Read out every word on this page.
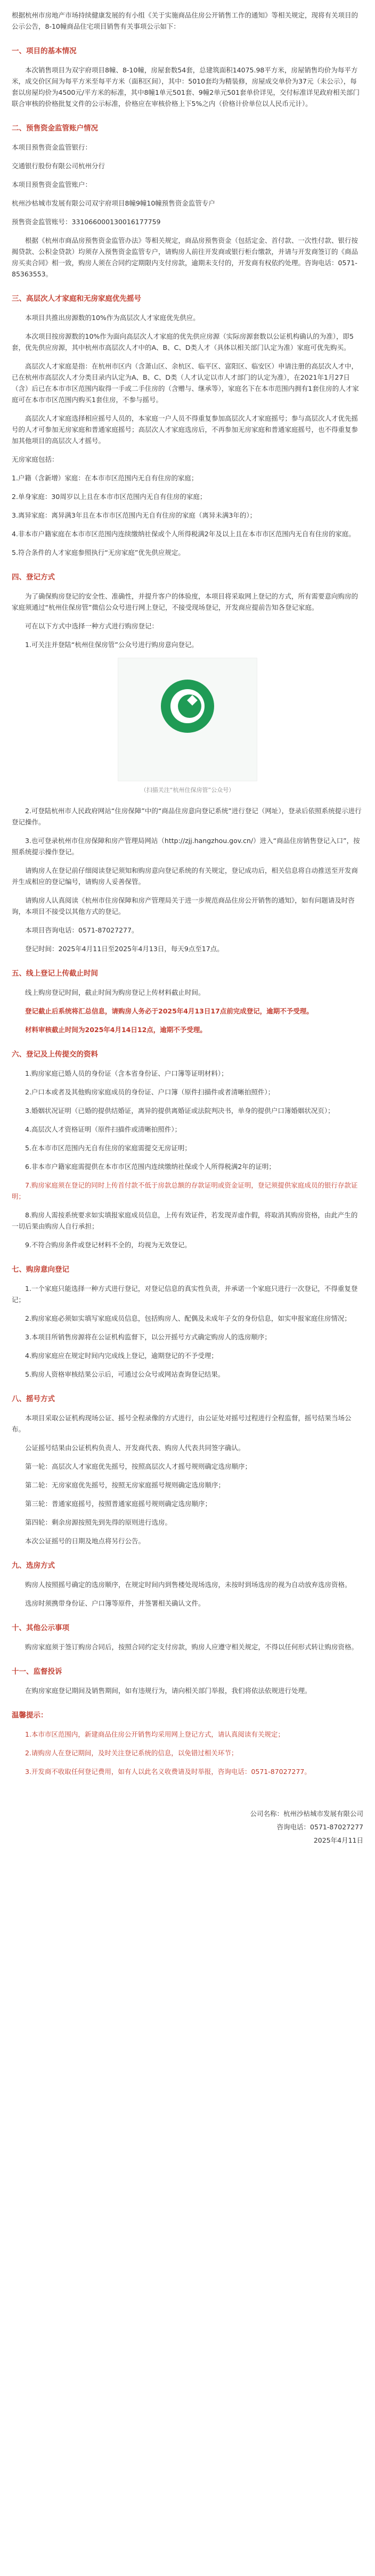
根据杭州市房地产市场持续健康发展的有小组《关于实施商品住房公开销售工作的通知》等相关规定，现将有关项目的公示公告，8-10幢商品住宅项目销售有关事项公示如下：

一、项目的基本情况

本次销售项目为双宇府项目8幢、8-10幢，房屋套数54套，总建筑面积14075.98平方米，房屋销售均价为每平方米，成交价区间为每平方米至每平方米（面积区间），其中：5010套均为精装修，房屋成交单价为37元（未公示），每套以房屋均价为4500元/平方米的标准，其中8幢1单元501套、9幢2单元501套单价详见，交付标准详见政府相关部门联合审核的价格批复文件的公示标准，价格应在审核价格上下5%之内（价格计价单位以人民币元计）。

二、预售资金监管账户情况

本项目预售资金监管银行：

交通银行股份有限公司杭州分行

本项目预售资金监管账户：

杭州沙枯城市发展有限公司双宇府项目8幢9幢10幢预售资金监管专户

预售资金监管账号：331066000130016177759

根据《杭州市商品房预售资金监管办法》等相关规定，商品房预售资金（包括定金、首付款、一次性付款、银行按揭贷款、公积金贷款）均须存入预售资金监管专户，请购房人前往开发商或银行柜台缴款，并请与开发商签订的《商品房买卖合同》相一致，购房人须在合同约定期限内支付房款，逾期未支付的，开发商有权依约处理。咨询电话：0571-85363553。

三、高层次人才家庭和无房家庭优先摇号

本项目共推出房源数的10%作为高层次人才家庭优先供应。

本次项目按房源数的10%作为面向高层次人才家庭的优先供应房源（实际房源套数以公证机构确认的为准），即5套，优先供应房源，其中杭州市高层次人才中的A、B、C、D类人才（具体以相关部门认定为准）家庭可优先购买。

高层次人才家庭是指：在杭州市区内（含萧山区、余杭区、临平区、富阳区、临安区）申请注册的高层次人才中，已在杭州市高层次人才分类目录内认定为A、B、C、D类（人才认定以市人才部门的认定为准），在2021年1月27日（含）后已在本市市区范围内取得一手或二手住房的（含赠与、继承等），家庭名下在本市范围内拥有1套住房的人才家庭可在本市市区范围内购买1套住房，不参与摇号。

高层次人才家庭选择相应摇号人员的，本家庭一户人员不得重复参加高层次人才家庭摇号；参与高层次人才优先摇号的人才可参加无房家庭和普通家庭摇号；高层次人才家庭选房后，不再参加无房家庭和普通家庭摇号，也不得重复参加其他项目的高层次人才摇号。

无房家庭包括：

1.户籍（含新增）家庭：在本市市区范围内无自有住房的家庭；

2.单身家庭：30周岁以上且在本市市区范围内无自有住房的家庭；

3.离异家庭：离异满3年且在本市市区范围内无自有住房的家庭（离异未满3年的）；

4.非本市户籍家庭在本市市区范围内连续缴纳社保或个人所得税满2年及以上且在本市市区范围内无自有住房的家庭。

5.符合条件的人才家庭参照执行“无房家庭”优先供应规定。

四、登记方式

为了确保购房登记的安全性、准确性，并提升客户的体验度，本项目将采取网上登记的方式，所有需要意向购房的家庭须通过“杭州住保房管”微信公众号进行网上登记，不接受现场登记，开发商应提前告知各登记家庭。

可在以下方式中选择一种方式进行购房登记：

1.可关注并登陆“杭州住保房管”公众号进行购房意向登记。

（扫描关注“杭州住保房管”公众号）

2.可登陆杭州市人民政府网站“住房保障”中的“商品住房意向登记系统”进行登记（网址），登录后依照系统提示进行登记操作。

3.也可登录杭州市住房保障和房产管理局网站（http://zjj.hangzhou.gov.cn/）进入“商品住房销售登记入口”，按照系统提示操作登记。

请购房人在登记前仔细阅读登记须知和购房意向登记系统的有关规定，登记成功后，相关信息将自动推送至开发商并生成相应的登记编号，请购房人妥善保管。

请购房人认真阅读《杭州市住房保障和房产管理局关于进一步规范商品住房公开销售的通知》，如有问题请及时咨询，本项目不接受以其他方式的登记。

本项目咨询电话：0571-87027277。

登记时间：2025年4月11日至2025年4月13日，每天9点至17点。

五、线上登记上传截止时间

线上购房登记时间，截止时间为购房登记上传材料截止时间。

登记截止后系统将汇总信息，请购房人务必于2025年4月13日17点前完成登记，逾期不予受理。

材料审核截止时间为2025年4月14日12点，逾期不予受理。

六、登记及上传提交的资料

1.购房家庭已婚人员的身份证（含本省身份证、户口簿等证明材料）；

2.户口本或者及其他购房家庭成员的身份证、户口簿（原件扫描件或者清晰拍照件）；

3.婚姻状况证明（已婚的提供结婚证，离异的提供离婚证或法院判决书，单身的提供户口簿婚姻状况页）；

4.高层次人才资格证明（原件扫描件或清晰拍照件）；

5.在本市市区范围内无自有住房的家庭需提交无房证明；

6.非本市户籍家庭需提供在本市市区范围内连续缴纳社保或个人所得税满2年的证明；

7.购房家庭须在登记的同时上传首付款不低于房款总额的存款证明或资金证明，登记须提供家庭成员的银行存款证明；

8.购房人需按系统要求如实填报家庭成员信息，上传有效证件，若发现弄虚作假，将取消其购房资格，由此产生的一切后果由购房人自行承担；

9.不符合购房条件或登记材料不全的，均视为无效登记。

七、购房意向登记

1.一个家庭只能选择一种方式进行登记，对登记信息的真实性负责，并承诺一个家庭只进行一次登记，不得重复登记；

2.购房家庭必须如实填写家庭成员信息，包括购房人、配偶及未成年子女的身份信息，如实申报家庭住房情况；

3.本项目所销售房源将在公证机构监督下，以公开摇号方式确定购房人的选房顺序；

4.购房家庭应在规定时间内完成线上登记，逾期登记的不予受理；

5.购房人资格审核结果公示后，可通过公众号或网站查询登记结果。

八、摇号方式

本项目采取公证机构现场公证、摇号全程录像的方式进行，由公证处对摇号过程进行全程监督，摇号结果当场公布。

公证摇号结果由公证机构负责人、开发商代表、购房人代表共同签字确认。

第一轮：高层次人才家庭优先摇号，按照高层次人才摇号规则确定选房顺序；

第二轮：无房家庭优先摇号，按照无房家庭摇号规则确定选房顺序；

第三轮：普通家庭摇号，按照普通家庭摇号规则确定选房顺序；

第四轮：剩余房源按照先到先得的原则进行选房。

本次公证摇号的日期及地点将另行公告。

九、选房方式

购房人按照摇号确定的选房顺序，在规定时间内到售楼处现场选房，未按时到场选房的视为自动放弃选房资格。

选房时须携带身份证、户口簿等原件，并签署相关确认文件。

十、其他公示事项

购房家庭须于签订购房合同后，按照合同约定支付房款，购房人应遵守相关规定，不得以任何形式转让购房资格。

十一、监督投诉

在购房家庭登记期间及销售期间，如有违规行为，请向相关部门举报，我们将依法依规进行处理。

温馨提示：

1.本市市区范围内，新建商品住房公开销售均采用网上登记方式，请认真阅读有关规定；

2.请购房人在登记期间，及时关注登记系统的信息，以免错过相关环节；

3.开发商不收取任何登记费用，如有人以此名义收费请及时举报，咨询电话：0571-87027277。

公司名称：杭州沙枯城市发展有限公司

咨询电话：0571-87027277

2025年4月11日
